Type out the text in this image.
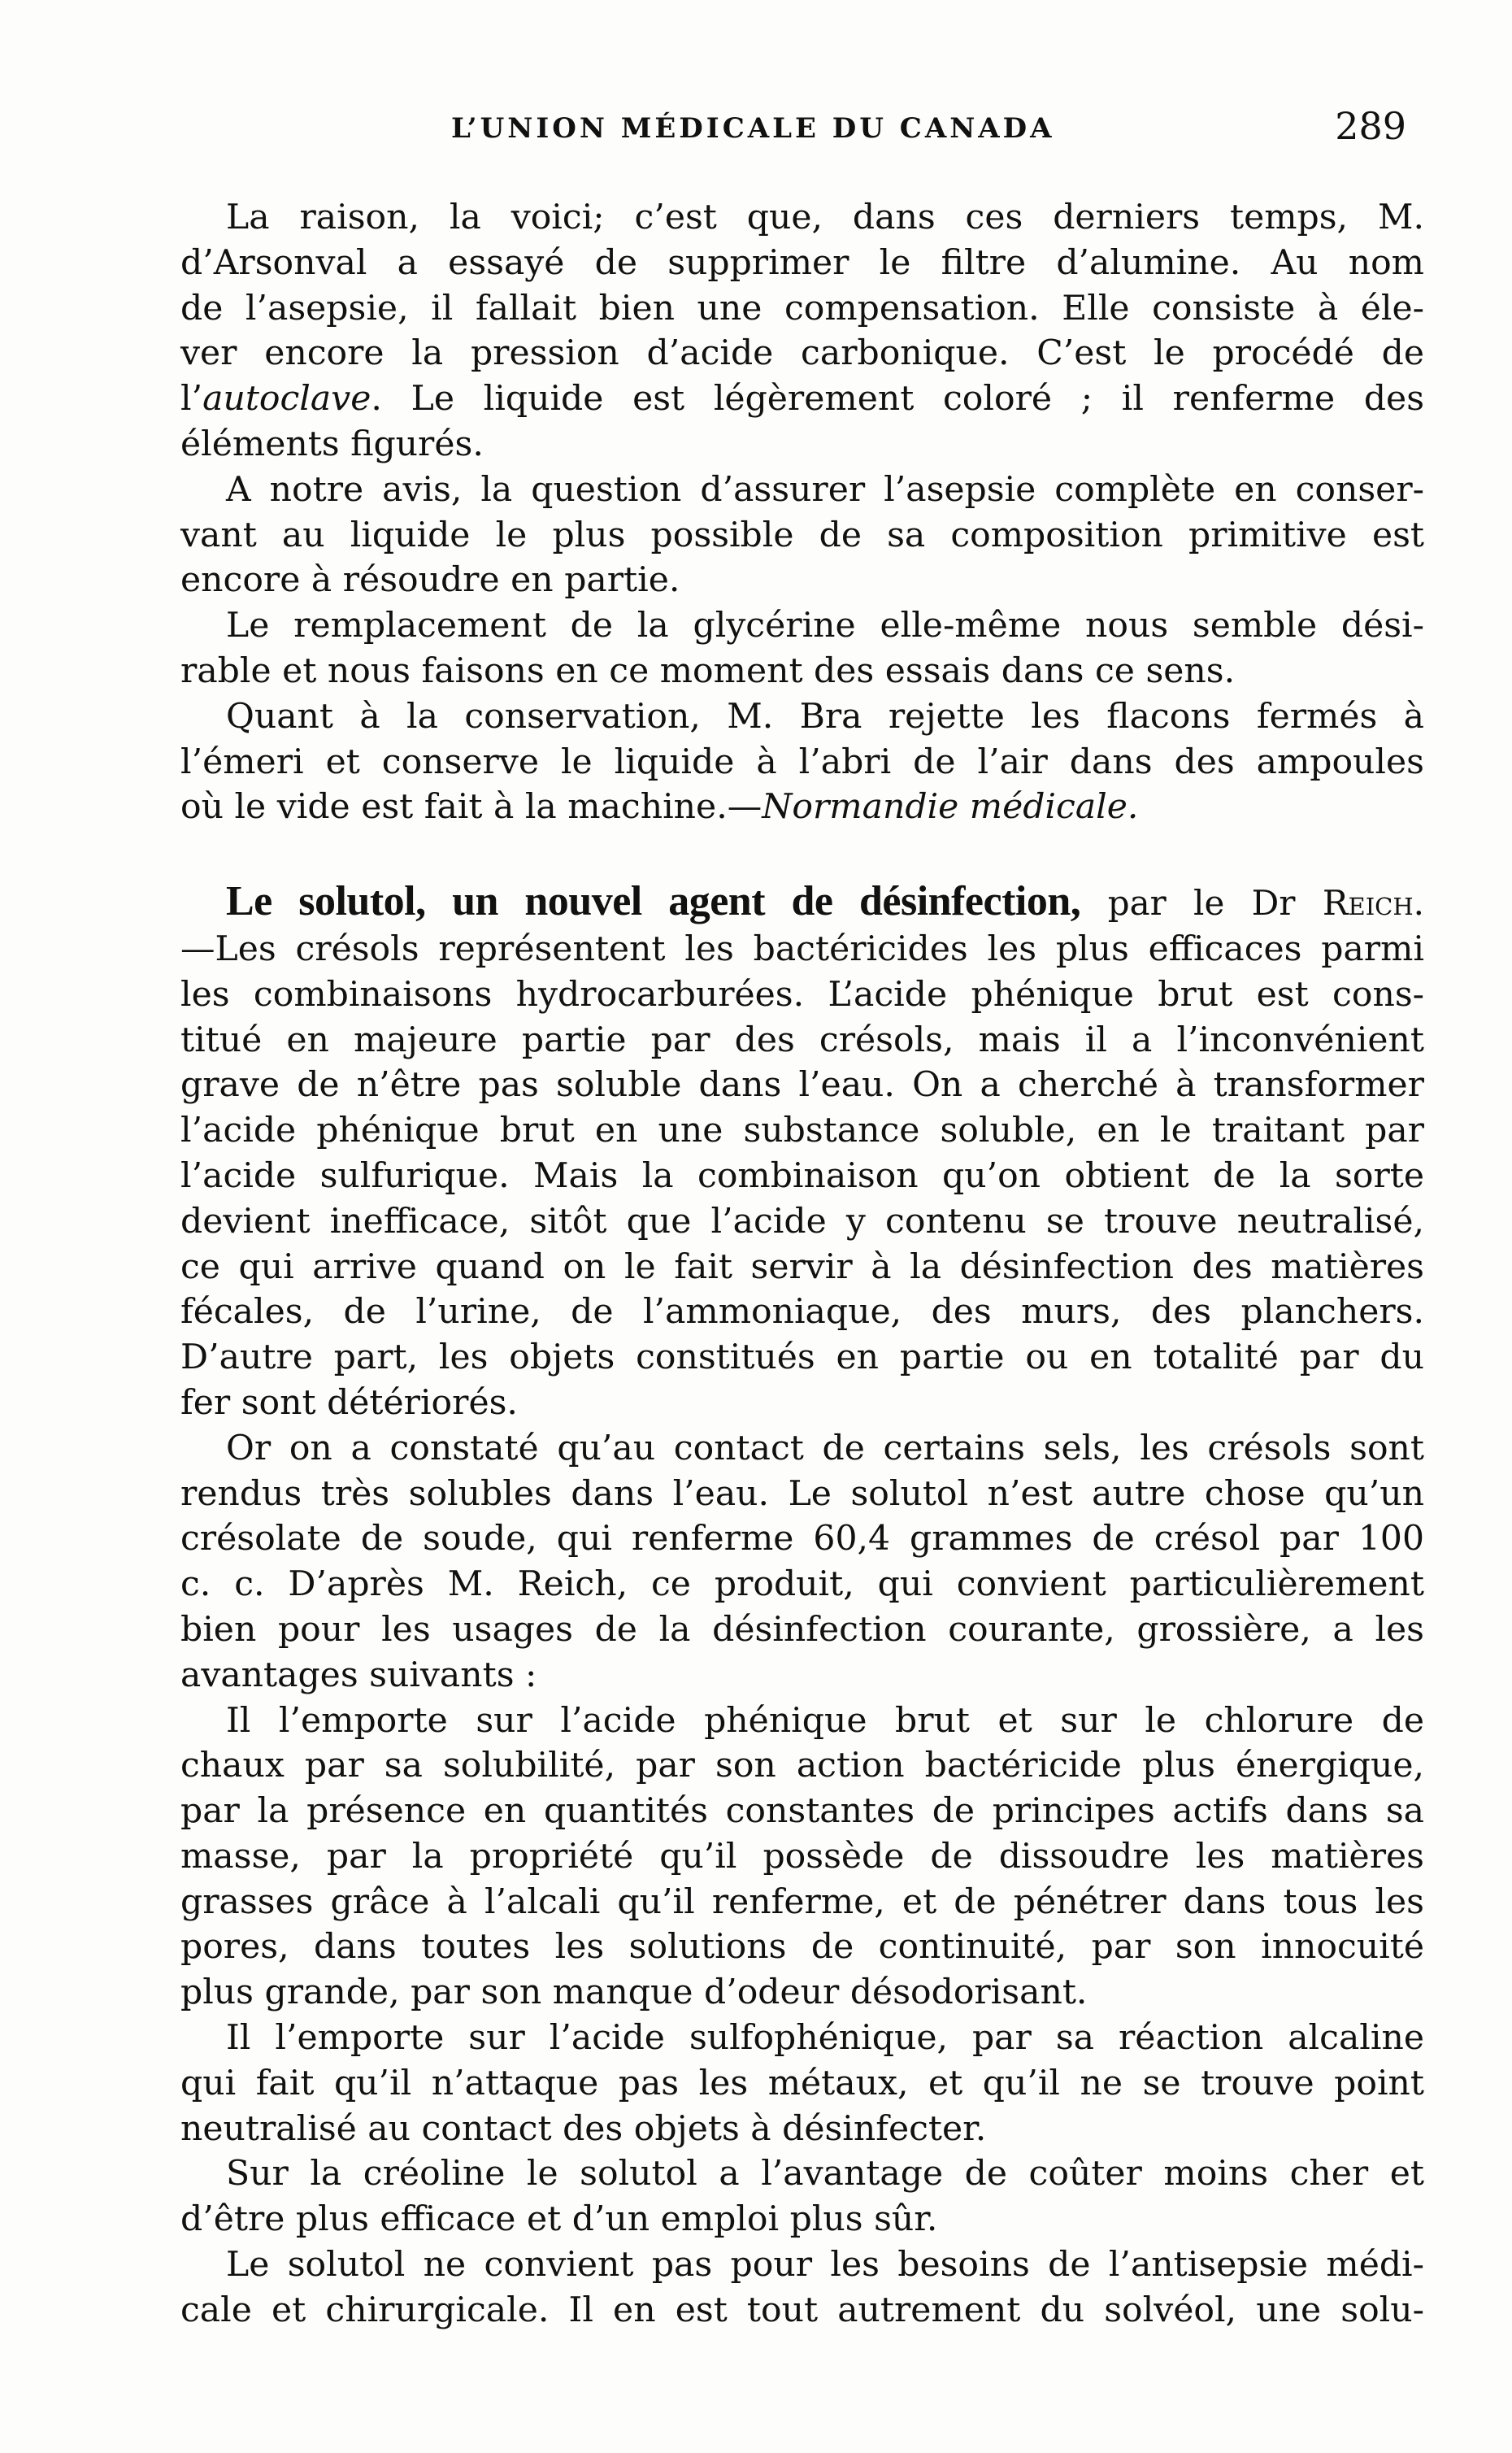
L’UNION MÉDICALE DU CANADA	289

La raison, la voici; c’est que, dans ces derniers temps, M.
d’Arsonval a essayé de supprimer le filtre d’alumine. Au nom
de l’asepsie, il fallait bien une compensation. Elle consiste à éle-
ver encore la pression d’acide carbonique. C’est le procédé de
l’autoclave. Le liquide est légèrement coloré ; il renferme des
éléments figurés.

A notre avis, la question d’assurer l’asepsie complète en conser-
vant au liquide le plus possible de sa composition primitive est
encore à résoudre en partie.

Le remplacement de la glycérine elle-même nous semble dési-
rable et nous faisons en ce moment des essais dans ce sens.

Quant à la conservation, M. Bra rejette les flacons fermés à
l’émeri et conserve le liquide à l’abri de l’air dans des ampoules
où le vide est fait à la machine.—Normandie médicale.

Le solutol, un nouvel agent de désinfection, par le Dr Reich.
—Les crésols représentent les bactéricides les plus efficaces parmi
les combinaisons hydrocarburées. L’acide phénique brut est cons-
titué en majeure partie par des crésols, mais il a l’inconvénient
grave de n’être pas soluble dans l’eau. On a cherché à transformer
l’acide phénique brut en une substance soluble, en le traitant par
l’acide sulfurique. Mais la combinaison qu’on obtient de la sorte
devient inefficace, sitôt que l’acide y contenu se trouve neutralisé,
ce qui arrive quand on le fait servir à la désinfection des matières
fécales, de l’urine, de l’ammoniaque, des murs, des planchers.
D’autre part, les objets constitués en partie ou en totalité par du
fer sont détériorés.

Or on a constaté qu’au contact de certains sels, les crésols sont
rendus très solubles dans l’eau. Le solutol n’est autre chose qu’un
crésolate de soude, qui renferme 60,4 grammes de crésol par 100
c. c. D’après M. Reich, ce produit, qui convient particulièrement
bien pour les usages de la désinfection courante, grossière, a les
avantages suivants :

Il l’emporte sur l’acide phénique brut et sur le chlorure de
chaux par sa solubilité, par son action bactéricide plus énergique,
par la présence en quantités constantes de principes actifs dans sa
masse, par la propriété qu’il possède de dissoudre les matières
grasses grâce à l’alcali qu’il renferme, et de pénétrer dans tous les
pores, dans toutes les solutions de continuité, par son innocuité
plus grande, par son manque d’odeur désodorisant.

Il l’emporte sur l’acide sulfophénique, par sa réaction alcaline
qui fait qu’il n’attaque pas les métaux, et qu’il ne se trouve point
neutralisé au contact des objets à désinfecter.

Sur la créoline le solutol a l’avantage de coûter moins cher et
d’être plus efficace et d’un emploi plus sûr.

Le solutol ne convient pas pour les besoins de l’antisepsie médi-
cale et chirurgicale. Il en est tout autrement du solvéol, une solu-
